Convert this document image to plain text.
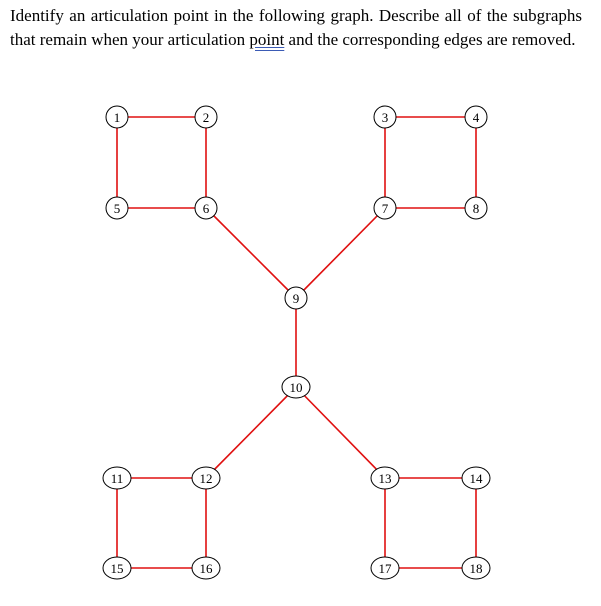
Identify an articulation point in the following graph. Describe all of the subgraphs that remain when your articulation point and the corresponding edges are removed.

1	2	3	4
5	6	7	8
9
10
11	12	13	14
15	16	17	18
